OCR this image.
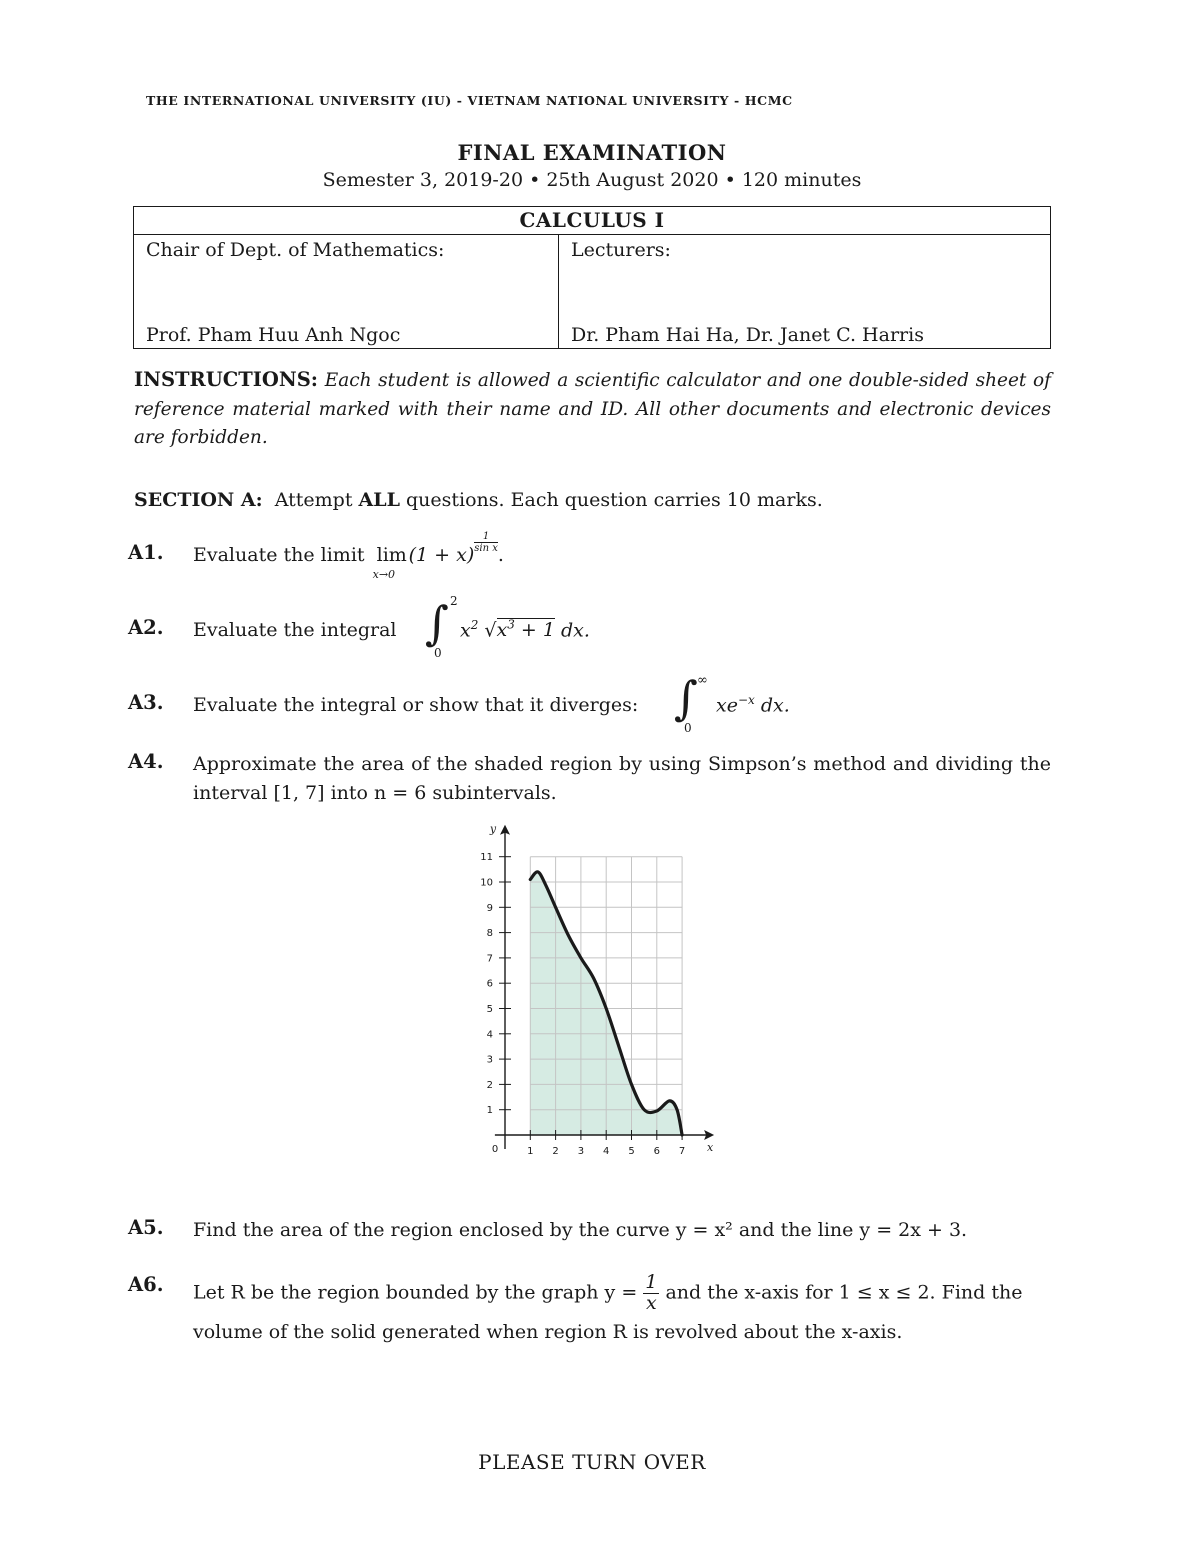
THE INTERNATIONAL UNIVERSITY (IU) - VIETNAM NATIONAL UNIVERSITY - HCMC
FINAL EXAMINATION
Semester 3, 2019-20 • 25th August 2020 • 120 minutes
CALCULUS I

Chair of Dept. of Mathematics:
Prof. Pham Huu Anh Ngoc

Lecturers:
Dr. Pham Hai Ha, Dr. Janet C. Harris
INSTRUCTIONS: Each student is allowed a scientific calculator and one double-sided sheet of reference material marked with their name and ID. All other documents and electronic devices are forbidden.
SECTION A: Attempt ALL questions. Each question carries 10 marks.
A1. Evaluate the limit lim
x→0
(1 + x)
$\frac{1}{\text{sin x}}$
.
A2. Evaluate the integral ∫ 2
0
$x^2$ $√x^3 + 1$ dx.
A3. Evaluate the integral or show that it diverges: ∫ ∞
0
$xe^{-x}$ dx.
A4. Approximate the area of the shaded region by using Simpson’s method and dividing the interval [1, 7] into n = 6 subintervals.
1 2 3 4 5 6 7
1
2
3
4
5
6
7
8
9
10
11
0	x
y
A5. Find the area of the region enclosed by the curve y = x² and the line y = 2x + 3.
A6. Let R be the region bounded by the graph $y = \frac{1}{x}$ and the x-axis for 1 ≤ x ≤ 2. Find the volume of the solid generated when region R is revolved about the x-axis.
PLEASE TURN OVER
